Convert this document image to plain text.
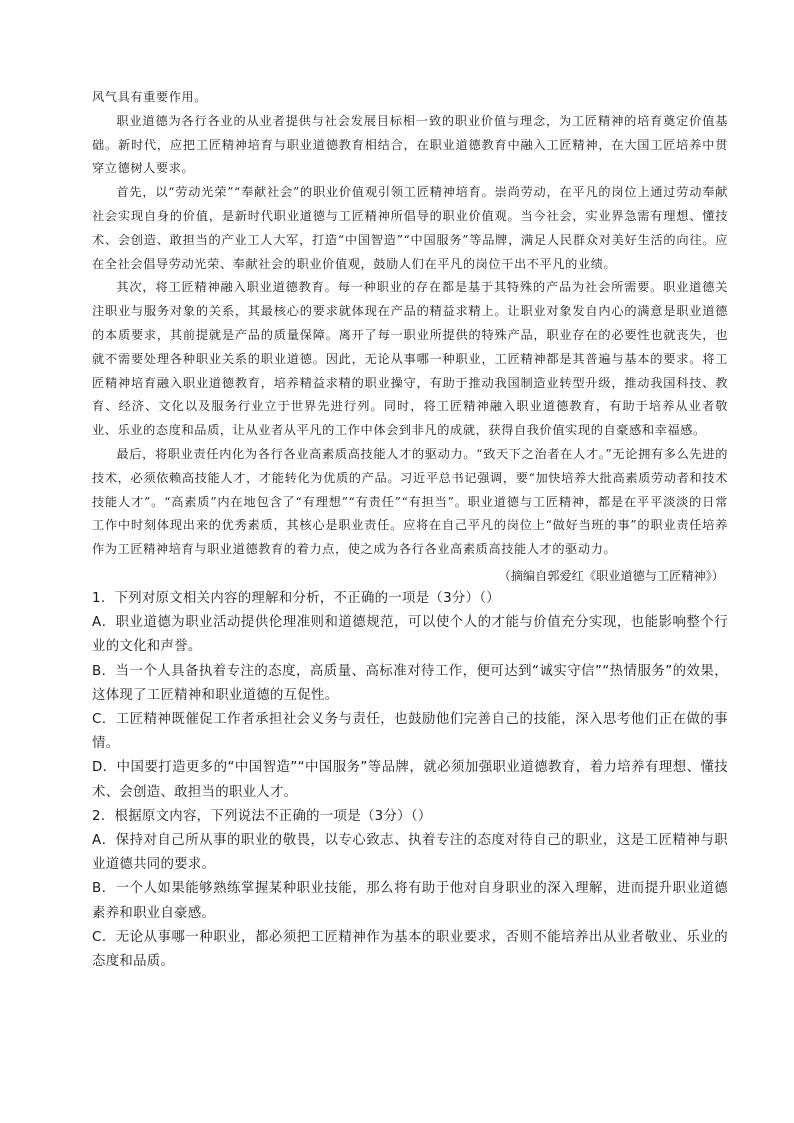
风气具有重要作用。

职业道德为各行各业的从业者提供与社会发展目标相一致的职业价值与理念，为工匠精神的培育奠定价值基础。新时代，应把工匠精神培育与职业道德教育相结合，在职业道德教育中融入工匠精神，在大国工匠培养中贯穿立德树人要求。

首先，以“劳动光荣”“奉献社会”的职业价值观引领工匠精神培育。崇尚劳动，在平凡的岗位上通过劳动奉献社会实现自身的价值，是新时代职业道德与工匠精神所倡导的职业价值观。当今社会，实业界急需有理想、懂技术、会创造、敢担当的产业工人大军，打造“中国智造”“中国服务”等品牌，满足人民群众对美好生活的向往。应在全社会倡导劳动光荣、奉献社会的职业价值观，鼓励人们在平凡的岗位干出不平凡的业绩。

其次，将工匠精神融入职业道德教育。每一种职业的存在都是基于其特殊的产品为社会所需要。职业道德关注职业与服务对象的关系，其最核心的要求就体现在产品的精益求精上。让职业对象发自内心的满意是职业道德的本质要求，其前提就是产品的质量保障。离开了每一职业所提供的特殊产品，职业存在的必要性也就丧失，也就不需要处理各种职业关系的职业道德。因此，无论从事哪一种职业，工匠精神都是其普遍与基本的要求。将工匠精神培育融入职业道德教育，培养精益求精的职业操守，有助于推动我国制造业转型升级，推动我国科技、教育、经济、文化以及服务行业立于世界先进行列。同时，将工匠精神融入职业道德教育，有助于培养从业者敬业、乐业的态度和品质，让从业者从平凡的工作中体会到非凡的成就，获得自我价值实现的自豪感和幸福感。

最后，将职业责任内化为各行各业高素质高技能人才的驱动力。“致天下之治者在人才。”无论拥有多么先进的技术，必须依赖高技能人才，才能转化为优质的产品。习近平总书记强调，要“加快培养大批高素质劳动者和技术技能人才”。“高素质”内在地包含了“有理想”“有责任”“有担当”。职业道德与工匠精神，都是在平平淡淡的日常工作中时刻体现出来的优秀素质，其核心是职业责任。应将在自己平凡的岗位上“做好当班的事”的职业责任培养作为工匠精神培育与职业道德教育的着力点，使之成为各行各业高素质高技能人才的驱动力。

（摘编自郭爱红《职业道德与工匠精神》）

1．下列对原文相关内容的理解和分析，不正确的一项是（3分）（）

A．职业道德为职业活动提供伦理准则和道德规范，可以使个人的才能与价值充分实现，也能影响整个行业的文化和声誉。

B．当一个人具备执着专注的态度，高质量、高标准对待工作，便可达到“诚实守信”“热情服务”的效果，这体现了工匠精神和职业道德的互促性。

C．工匠精神既催促工作者承担社会义务与责任，也鼓励他们完善自己的技能，深入思考他们正在做的事情。

D．中国要打造更多的“中国智造”“中国服务”等品牌，就必须加强职业道德教育，着力培养有理想、懂技术、会创造、敢担当的职业人才。

2．根据原文内容，下列说法不正确的一项是（3分）（）

A．保持对自己所从事的职业的敬畏，以专心致志、执着专注的态度对待自己的职业，这是工匠精神与职业道德共同的要求。

B．一个人如果能够熟练掌握某种职业技能，那么将有助于他对自身职业的深入理解，进而提升职业道德素养和职业自豪感。

C．无论从事哪一种职业，都必须把工匠精神作为基本的职业要求，否则不能培养出从业者敬业、乐业的态度和品质。
